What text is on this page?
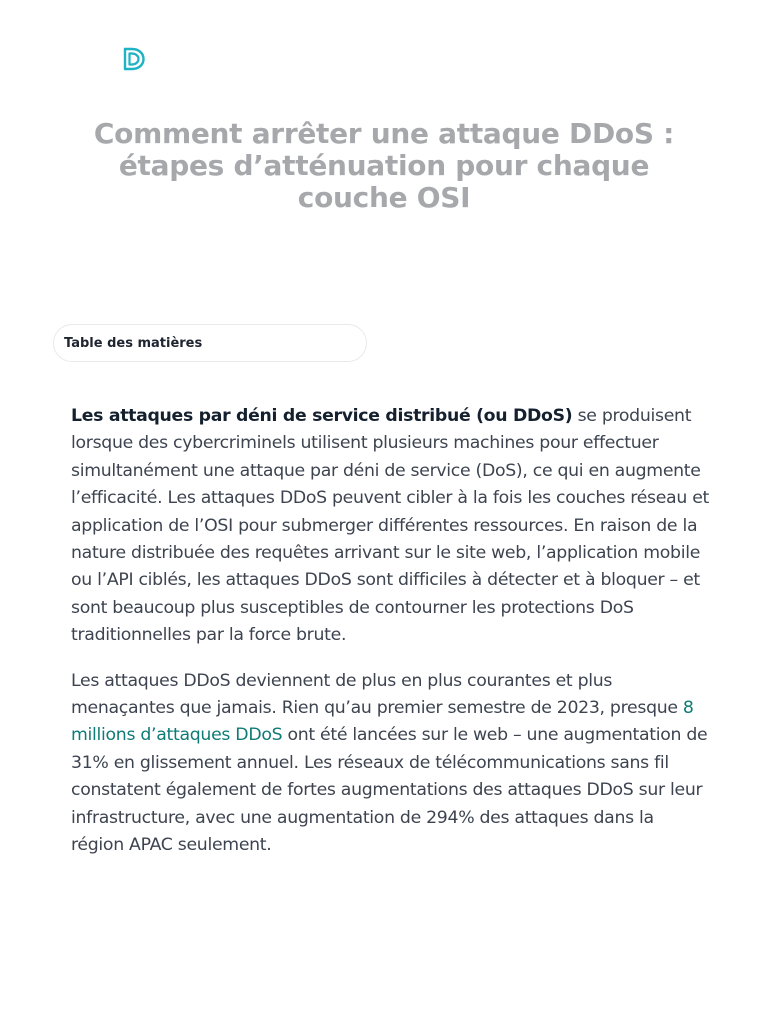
Comment arrêter une attaque DDoS : étapes d’atténuation pour chaque couche OSI
Table des matières

Les attaques par déni de service distribué (ou DDoS) se produisent lorsque des cybercriminels utilisent plusieurs machines pour effectuer simultanément une attaque par déni de service (DoS), ce qui en augmente l’efficacité. Les attaques DDoS peuvent cibler à la fois les couches réseau et application de l’OSI pour submerger différentes ressources. En raison de la nature distribuée des requêtes arrivant sur le site web, l’application mobile ou l’API ciblés, les attaques DDoS sont difficiles à détecter et à bloquer – et sont beaucoup plus susceptibles de contourner les protections DoS traditionnelles par la force brute.

Les attaques DDoS deviennent de plus en plus courantes et plus menaçantes que jamais. Rien qu’au premier semestre de 2023, presque 8 millions d’attaques DDoS ont été lancées sur le web – une augmentation de 31% en glissement annuel. Les réseaux de télécommunications sans fil constatent également de fortes augmentations des attaques DDoS sur leur infrastructure, avec une augmentation de 294% des attaques dans la région APAC seulement.
